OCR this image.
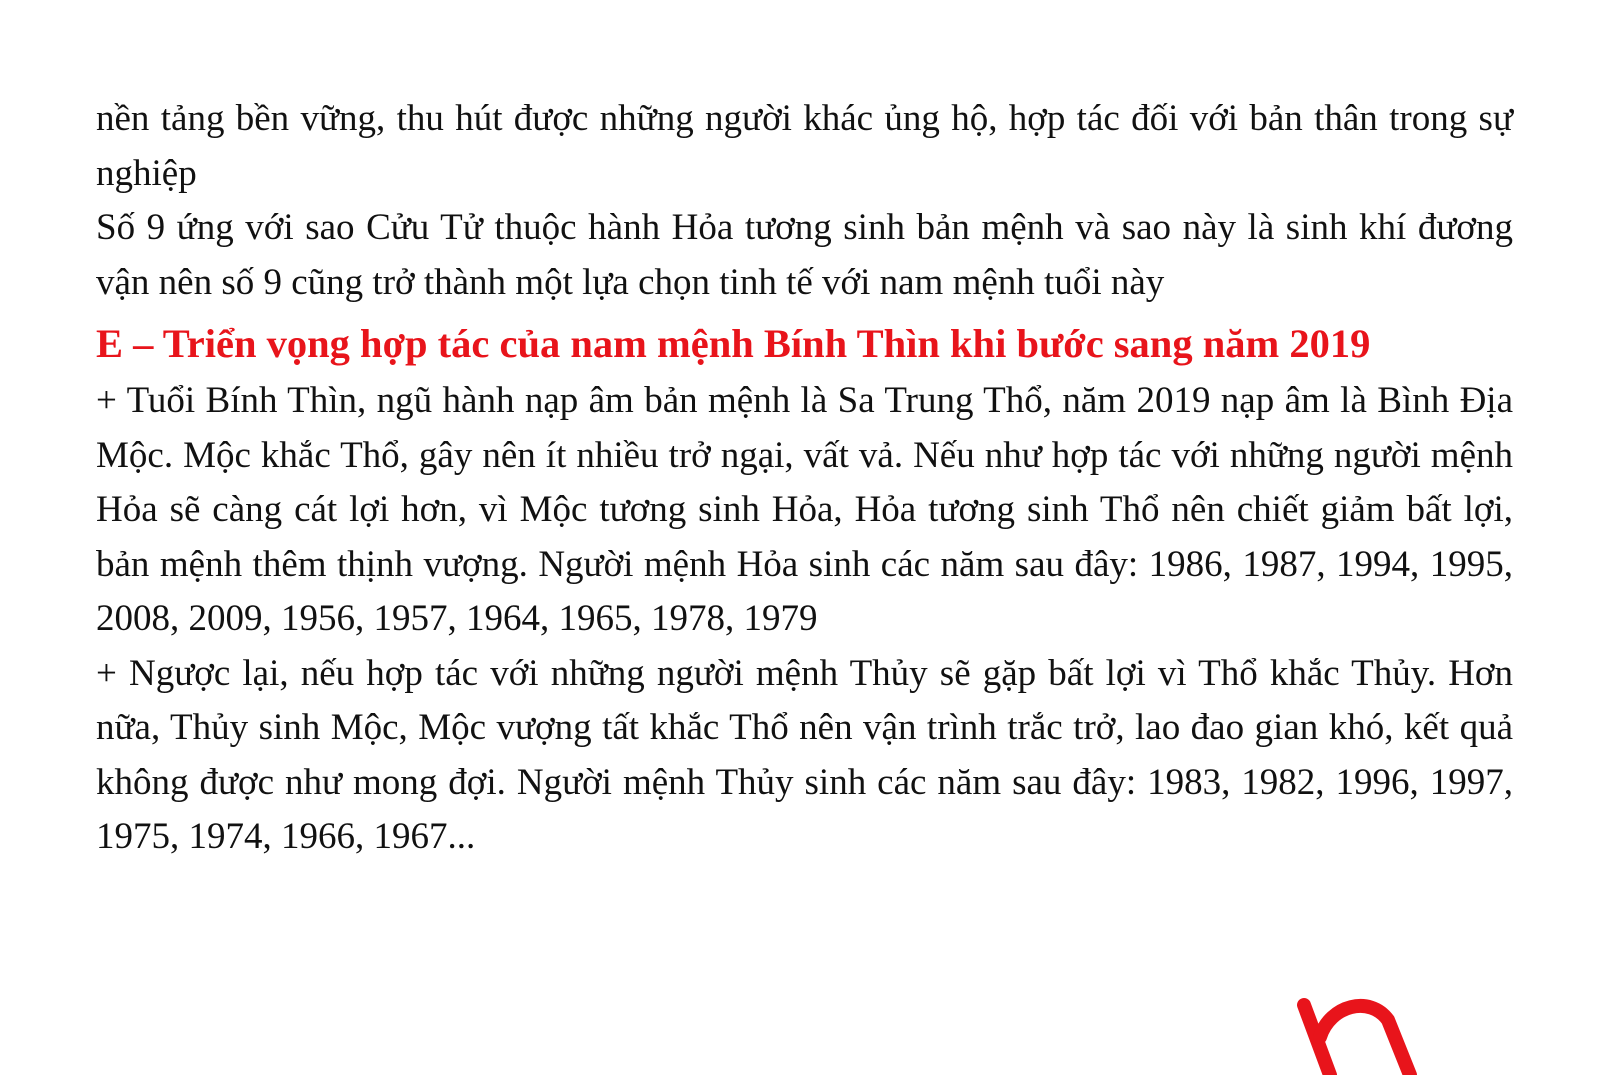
nền tảng bền vững, thu hút được những người khác ủng hộ, hợp tác đối với bản thân trong sự nghiệp

Số 9 ứng với sao Cửu Tử thuộc hành Hỏa tương sinh bản mệnh và sao này là sinh khí đương vận nên số 9 cũng trở thành một lựa chọn tinh tế với nam mệnh tuổi này

E – Triển vọng hợp tác của nam mệnh Bính Thìn khi bước sang năm 2019

+ Tuổi Bính Thìn, ngũ hành nạp âm bản mệnh là Sa Trung Thổ, năm 2019 nạp âm là Bình Địa Mộc. Mộc khắc Thổ, gây nên ít nhiều trở ngại, vất vả. Nếu như hợp tác với những người mệnh Hỏa sẽ càng cát lợi hơn, vì Mộc tương sinh Hỏa, Hỏa tương sinh Thổ nên chiết giảm bất lợi, bản mệnh thêm thịnh vượng. Người mệnh Hỏa sinh các năm sau đây: 1986, 1987, 1994, 1995, 2008, 2009, 1956, 1957, 1964, 1965, 1978, 1979

+ Ngược lại, nếu hợp tác với những người mệnh Thủy sẽ gặp bất lợi vì Thổ khắc Thủy. Hơn nữa, Thủy sinh Mộc, Mộc vượng tất khắc Thổ nên vận trình trắc trở, lao đao gian khó, kết quả không được như mong đợi. Người mệnh Thủy sinh các năm sau đây: 1983, 1982, 1996, 1997, 1975, 1974, 1966, 1967...
